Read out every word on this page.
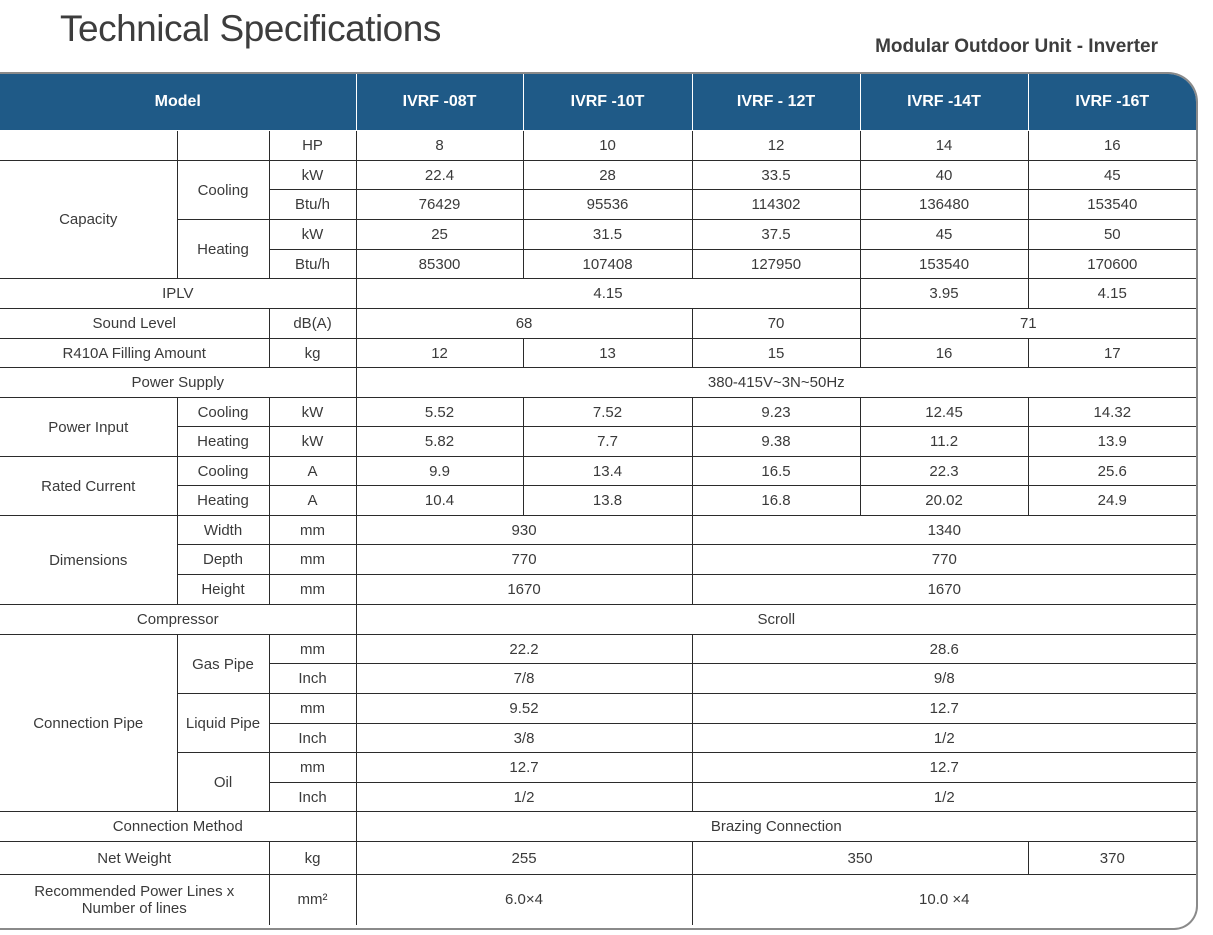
Technical Specifications	Modular Outdoor Unit - Inverter
Model			IVRF -08T	IVRF -10T	IVRF - 12T	IVRF -14T	IVRF -16T
		HP	8	10	12	14	16
Capacity	Cooling	kW	22.4	28	33.5	40	45
		Btu/h	76429	95536	114302	136480	153540
	Heating	kW	25	31.5	37.5	45	50
		Btu/h	85300	107408	127950	153540	170600
IPLV			4.15			3.95	4.15
Sound Level		dB(A)	68		70	71	
R410A Filling Amount		kg	12	13	15	16	17
Power Supply			380-415V~3N~50Hz				
Power Input	Cooling	kW	5.52	7.52	9.23	12.45	14.32
	Heating	kW	5.82	7.7	9.38	11.2	13.9
Rated Current	Cooling	A	9.9	13.4	16.5	22.3	25.6
	Heating	A	10.4	13.8	16.8	20.02	24.9
Dimensions	Width	mm	930		1340		
	Depth	mm	770		770		
	Height	mm	1670		1670		
Compressor			Scroll				
Connection Pipe	Gas Pipe	mm	22.2		28.6		
		Inch	7/8		9/8		
	Liquid Pipe	mm	9.52		12.7		
		Inch	3/8		1/2		
	Oil	mm	12.7		12.7		
		Inch	1/2		1/2		
Connection Method			Brazing Connection				
Net Weight		kg	255		350		370
Recommended Power Lines x Number of lines		mm²	6.0×4		10.0 ×4		
